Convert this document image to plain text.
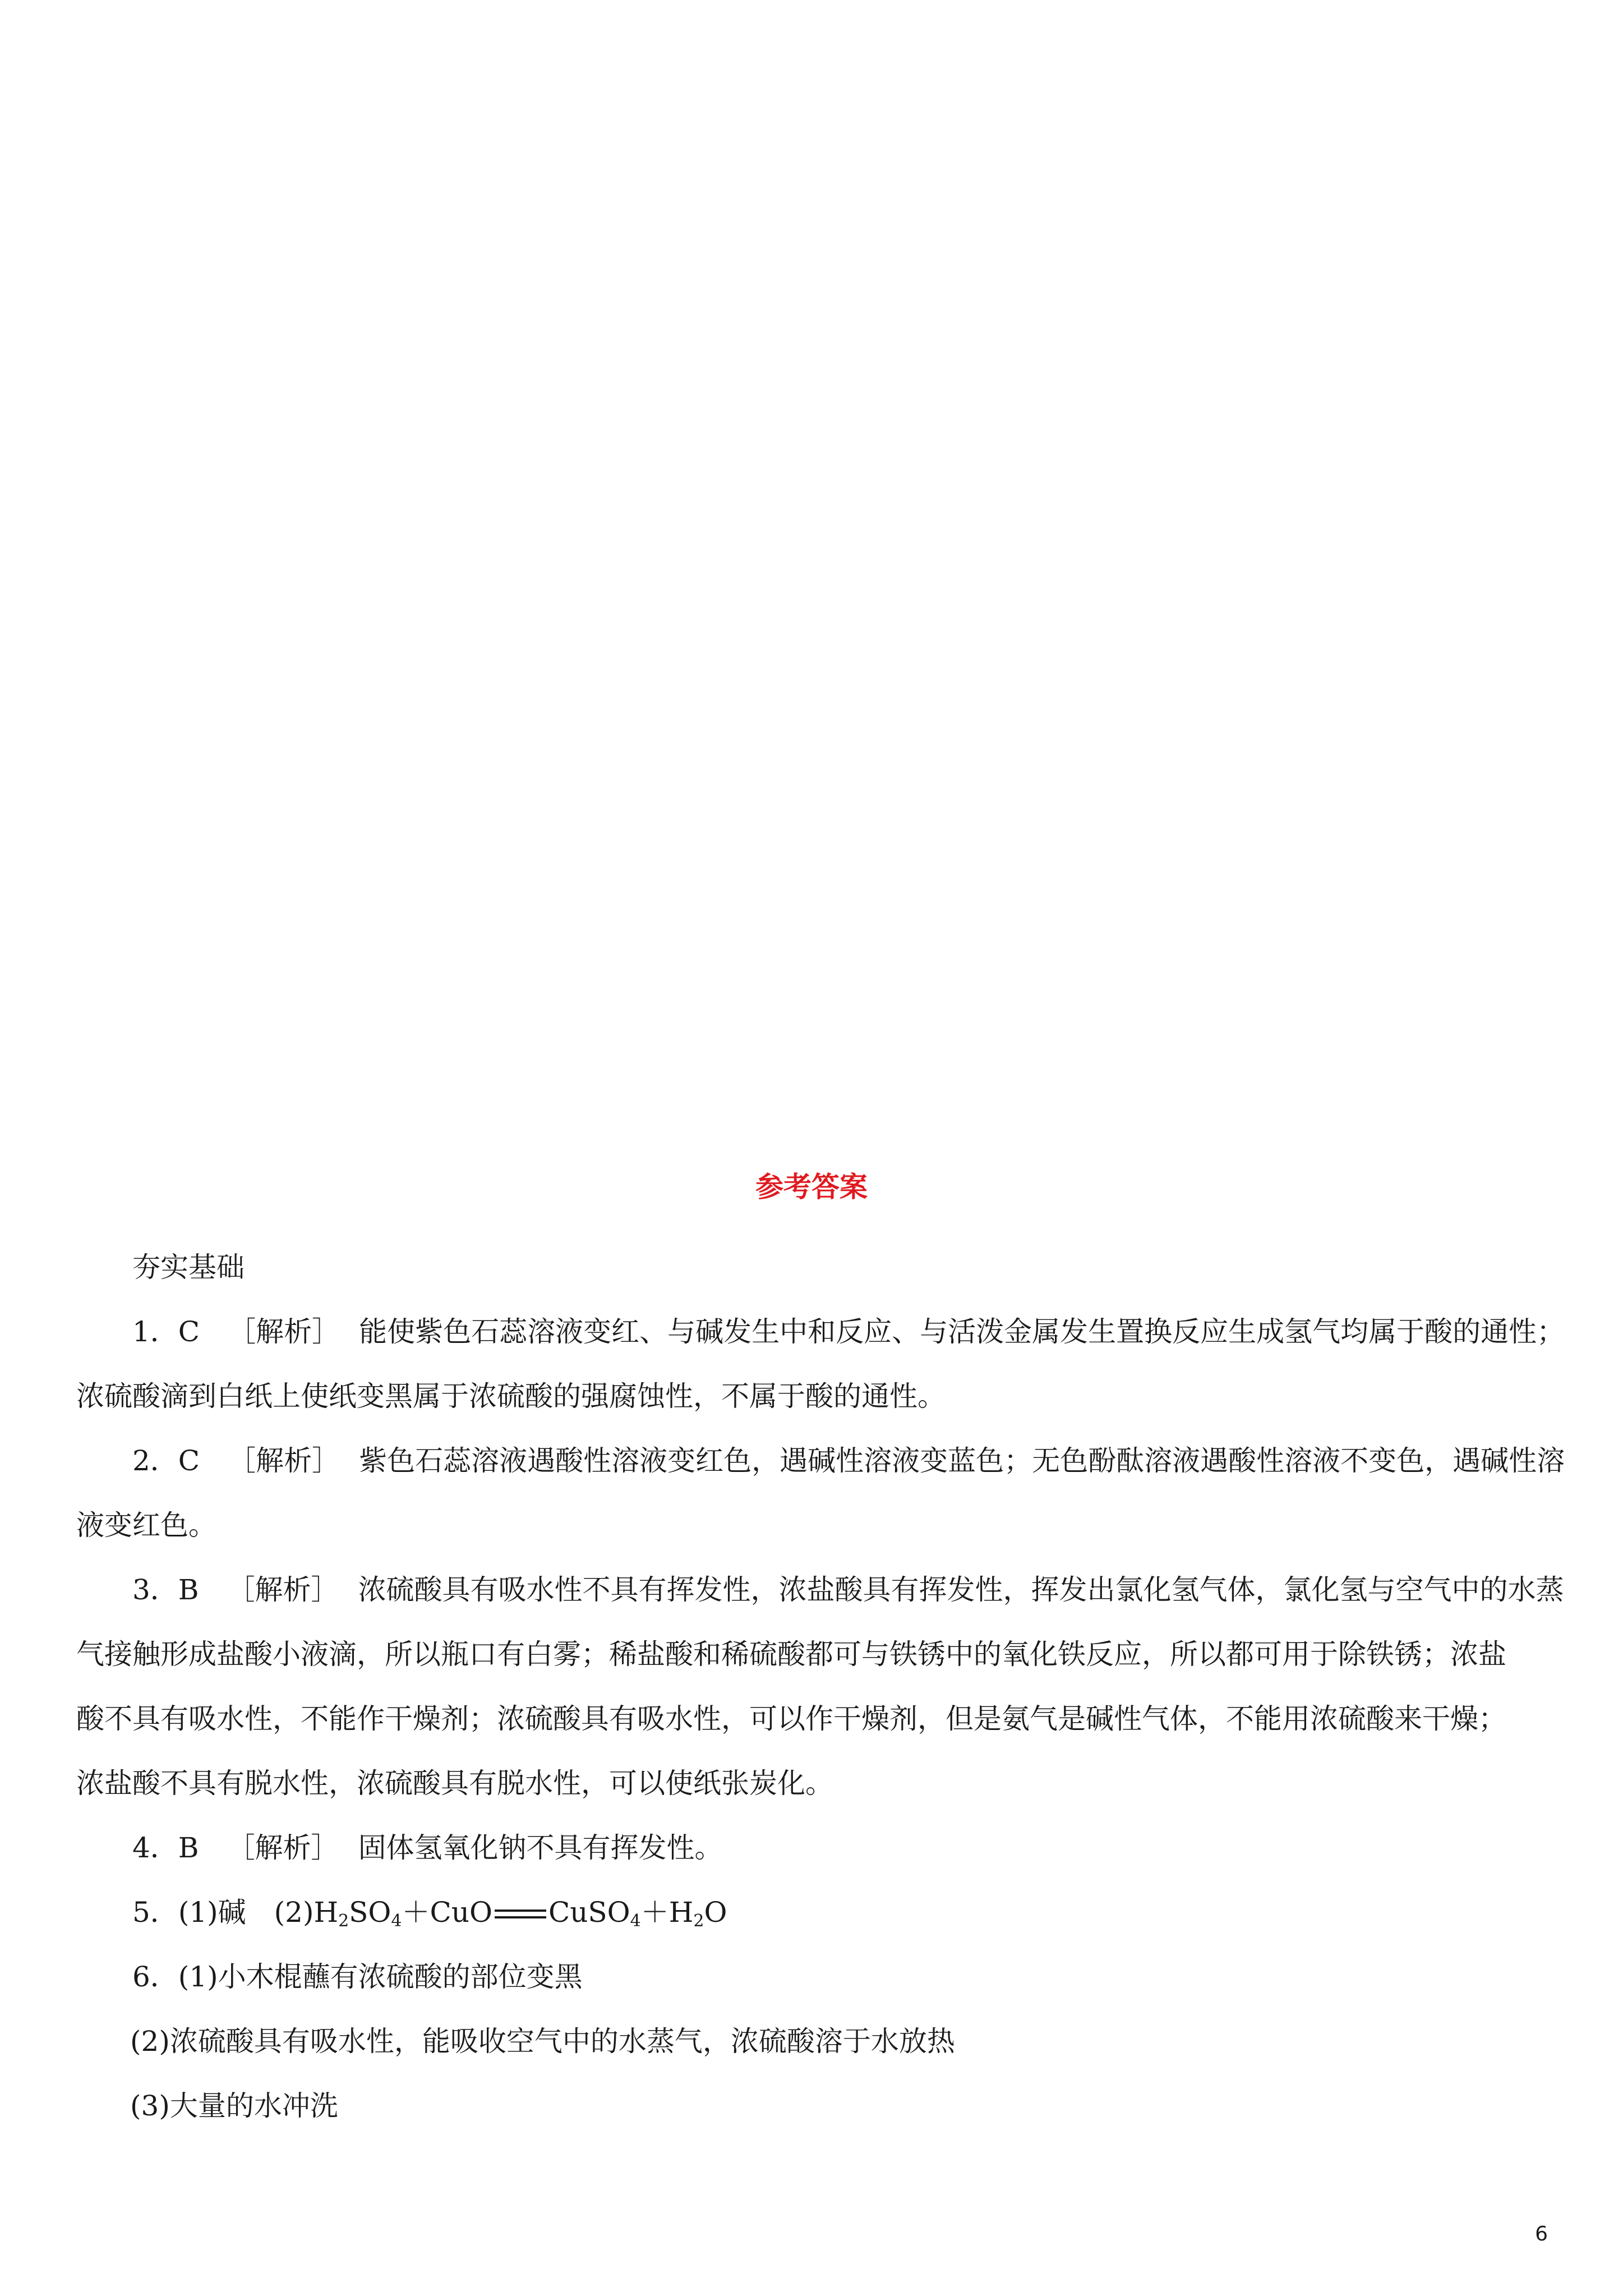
参考答案
夯实基础
1．C  ［解析］ 能使紫色石蕊溶液变红、与碱发生中和反应、与活泼金属发生置换反应生成氢气均属于酸的通性；
浓硫酸滴到白纸上使纸变黑属于浓硫酸的强腐蚀性，不属于酸的通性。
2．C  ［解析］ 紫色石蕊溶液遇酸性溶液变红色，遇碱性溶液变蓝色；无色酚酞溶液遇酸性溶液不变色，遇碱性溶
液变红色。
3．B  ［解析］ 浓硫酸具有吸水性不具有挥发性，浓盐酸具有挥发性，挥发出氯化氢气体，氯化氢与空气中的水蒸
气接触形成盐酸小液滴，所以瓶口有白雾；稀盐酸和稀硫酸都可与铁锈中的氧化铁反应，所以都可用于除铁锈；浓盐
酸不具有吸水性，不能作干燥剂；浓硫酸具有吸水性，可以作干燥剂，但是氨气是碱性气体，不能用浓硫酸来干燥；
浓盐酸不具有脱水性，浓硫酸具有脱水性，可以使纸张炭化。
4．B  ［解析］ 固体氢氧化钠不具有挥发性。
5．(1)碱  $(2)H_2SO_4+CuO$ $CuSO_4+H_2O$
6．(1)小木棍蘸有浓硫酸的部位变黑
(2)浓硫酸具有吸水性，能吸收空气中的水蒸气，浓硫酸溶于水放热
(3)大量的水冲洗
6
